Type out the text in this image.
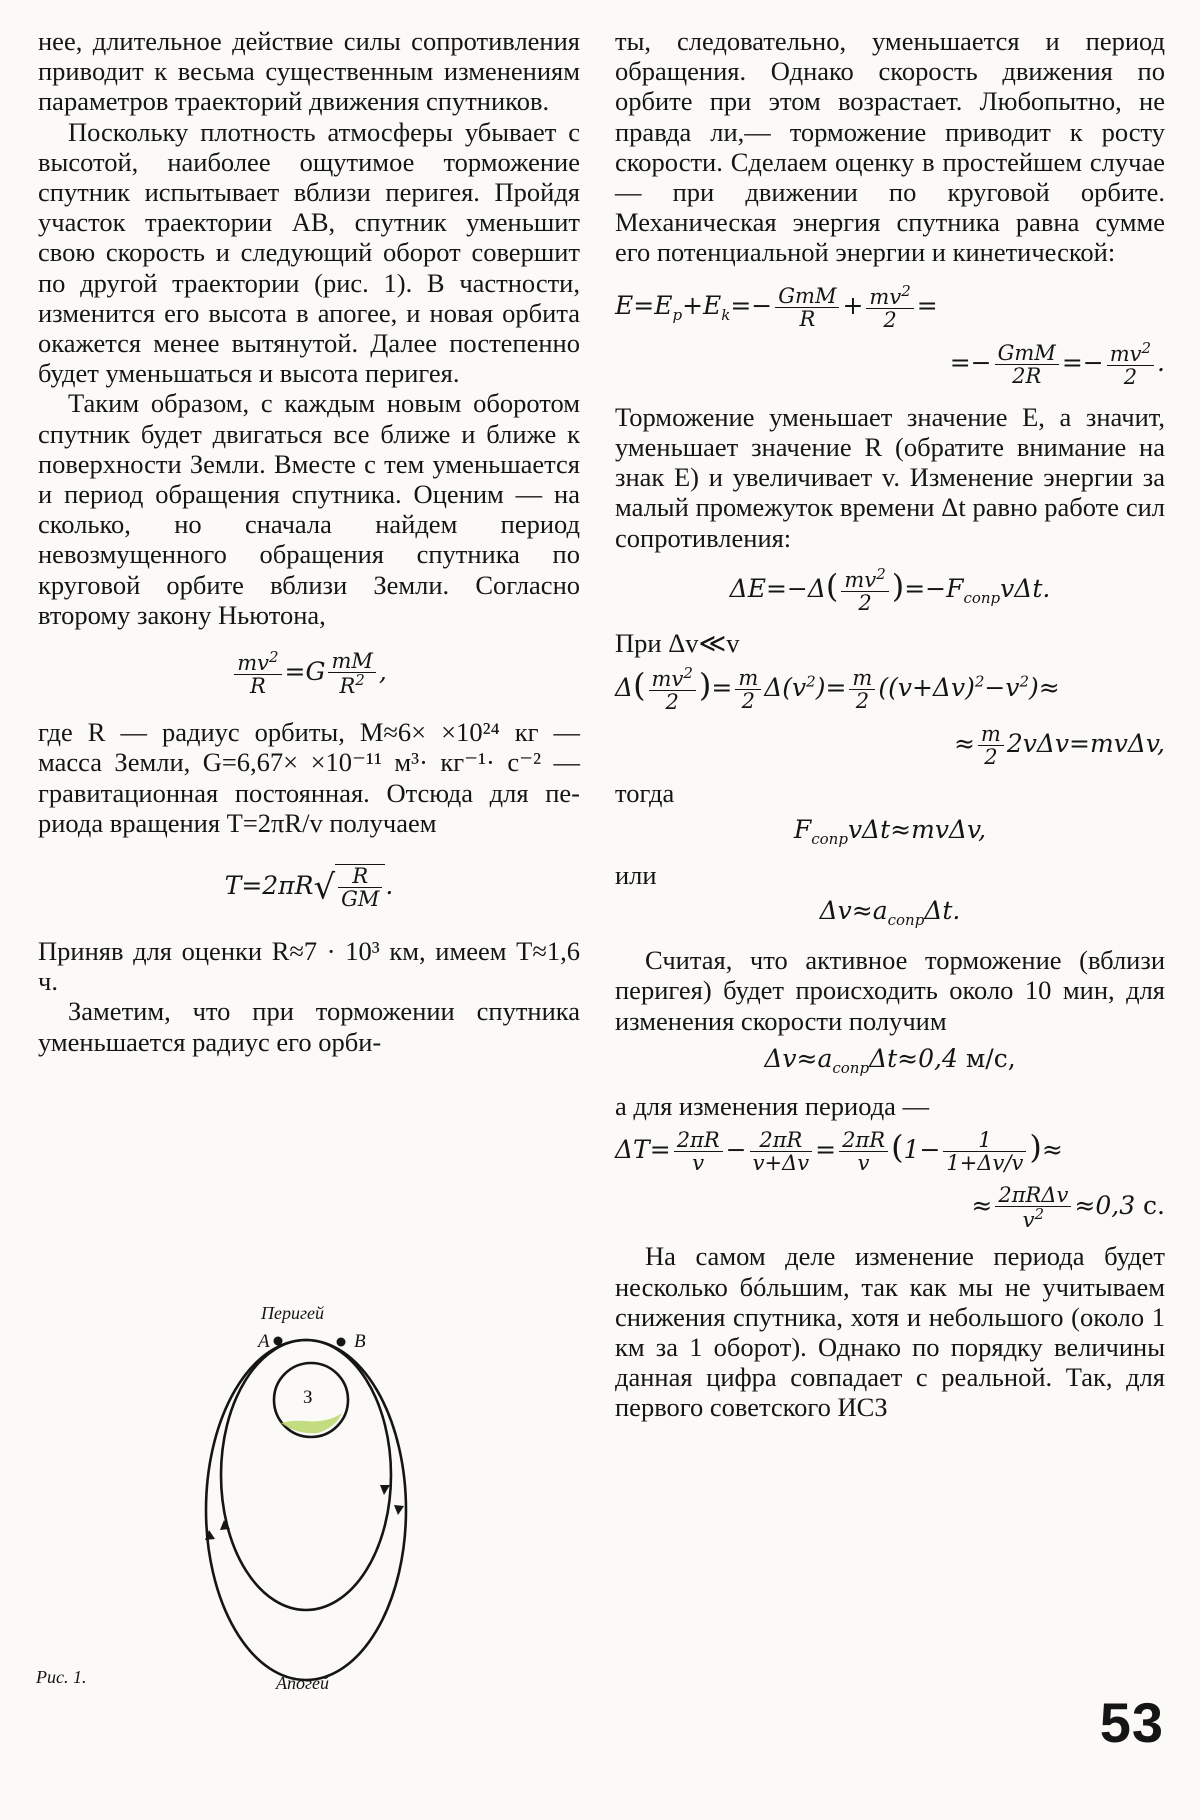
нее, длительное действие силы сопротивления приводит к весьма существенным изменениям параметров траекторий движения спутников.

Поскольку плотность атмосферы убывает с высотой, наиболее ощутимое торможение спутник испытывает вблизи перигея. Пройдя участок траектории AB, спутник уменьшит свою скорость и следующий оборот совершит по другой траектории (рис. 1). В частности, изменится его высота в апогее, и новая орбита окажется менее вытянутой. Далее постепенно будет уменьшаться и высота перигея.

Таким образом, с каждым новым оборотом спутник будет двигаться все ближе и ближе к поверхности Земли. Вместе с тем уменьшается и период обращения спутника. Оценим — на сколько, но сначала найдем период невозмущенного обращения спутника по круговой орбите вблизи Земли. Согласно второму закону Ньютона,

$\frac{mv^2}{R} =G \frac{mM}{R^2}$ ,

где R — радиус орбиты, M≈6× ×10²⁴ кг — масса Земли, G=6,67× ×10⁻¹¹ м³· кг⁻¹· с⁻² — гравитационная постоянная. Отсюда для периода вращения T=2πR/v получаем

$T=2\pi R√ \frac{R}{GM}$ .

Приняв для оценки R≈7 · 10³ км, имеем T≈1,6 ч.

Заметим, что при торможении спутника уменьшается радиус его орби-

Перигей
A	B
З
Рис. 1.	Апогей

ты, следовательно, уменьшается и период обращения. Однако скорость движения по орбите при этом возрастает. Любопытно, не правда ли,— торможение приводит к росту скорости. Сделаем оценку в простейшем случае — при движении по круговой орбите. Механическая энергия спутника равна сумме его потенциальной энергии и кинетической:

$E=E_p+E_k=- \frac{\text{GmM}}{R} + \frac{mv^2}{2}$ =
=− $\frac{\text{GmM}}{2R} =- \frac{mv^2}{2}$ .

Торможение уменьшает значение E, а значит, уменьшает значение R (обратите внимание на знак E) и увеличивает v. Изменение энергии за малый промежуток времени Δt равно работе сил сопротивления:

$\Delta E=-\Delta( \frac{mv^2}{2} )=-F_{сопр}v\Delta t$.

При Δv≪v

$\Delta( \frac{mv^2}{2}$ )= $\frac{m}{2} \Delta(v^2)= \frac{m}{2} ((v+\Delta v)^2-v^2)\approx$
≈ $\frac{m}{2} 2v\Delta v=mv\Delta v$,

тогда

$F_{сопр}v\Delta t\approx mv\Delta v$,

или

$\Delta v\approx a_{сопр}\Delta t$.

Считая, что активное торможение (вблизи перигея) будет происходить около 10 мин, для изменения скорости получим

$\Delta v\approx a_{сопр}\Delta t\approx 0,4$ м/с,

а для изменения периода —

$\Delta T= \frac{2\pi R}{v} - \frac{2\pi R}{v+\Delta v} = \frac{2\pi R}{v} (1- \frac{1}{1+\Delta v/v}$ )≈
≈ $\frac{\text{2πRΔv}}{v^2} \approx 0,3$ с.

На самом деле изменение периода будет несколько бóльшим, так как мы не учитываем снижения спутника, хотя и небольшого (около 1 км за 1 оборот). Однако по порядку величины данная цифра совпадает с реальной. Так, для первого советского ИСЗ

53
